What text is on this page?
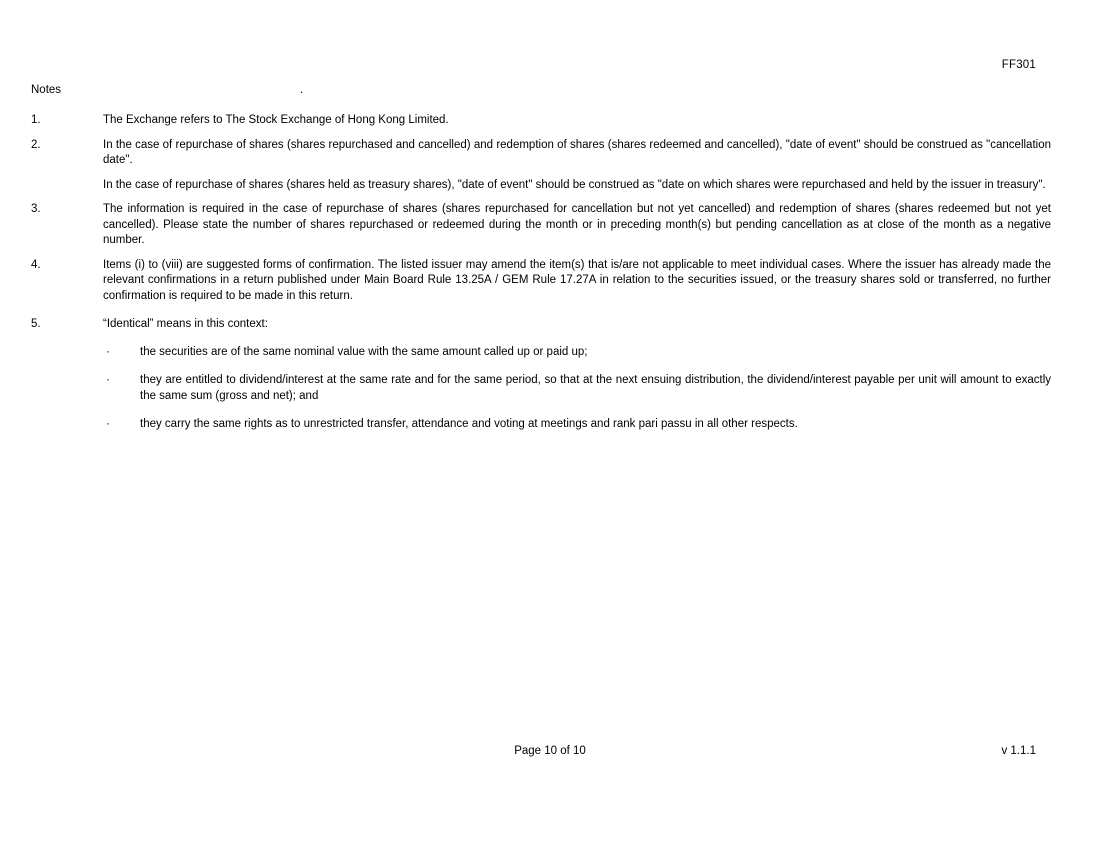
FF301
Notes	.
1.	The Exchange refers to The Stock Exchange of Hong Kong Limited.

2.	In the case of repurchase of shares (shares repurchased and cancelled) and redemption of shares (shares redeemed and cancelled), "date of event" should be construed as "cancellation date".

In the case of repurchase of shares (shares held as treasury shares), "date of event" should be construed as "date on which shares were repurchased and held by the issuer in treasury".

3.	The information is required in the case of repurchase of shares (shares repurchased for cancellation but not yet cancelled) and redemption of shares (shares redeemed but not yet cancelled). Please state the number of shares repurchased or redeemed during the month or in preceding month(s) but pending cancellation as at close of the month as a negative number.

4.	Items (i) to (viii) are suggested forms of confirmation. The listed issuer may amend the item(s) that is/are not applicable to meet individual cases. Where the issuer has already made the relevant confirmations in a return published under Main Board Rule 13.25A / GEM Rule 17.27A in relation to the securities issued, or the treasury shares sold or transferred, no further confirmation is required to be made in this return.

5.	“Identical” means in this context:

·	the securities are of the same nominal value with the same amount called up or paid up;
·	they are entitled to dividend/interest at the same rate and for the same period, so that at the next ensuing distribution, the dividend/interest payable per unit will amount to exactly the same sum (gross and net); and
·	they carry the same rights as to unrestricted transfer, attendance and voting at meetings and rank pari passu in all other respects.
Page 10 of 10	v 1.1.1
